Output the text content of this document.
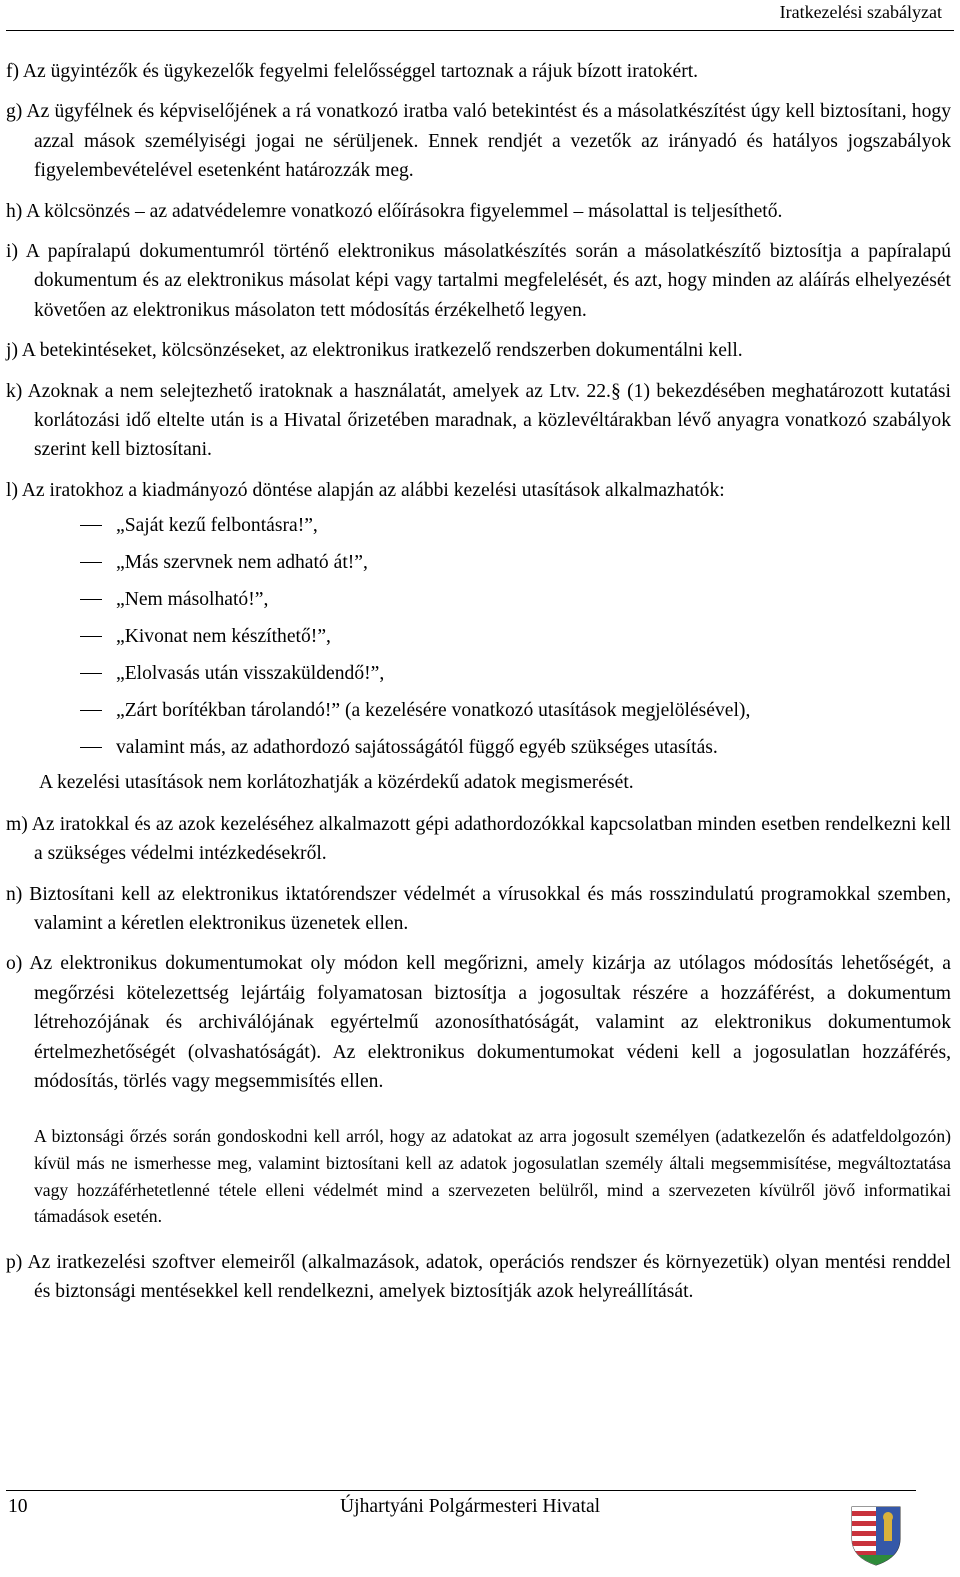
Iratkezelési szabályzat

f) Az ügyintézők és ügykezelők fegyelmi felelősséggel tartoznak a rájuk bízott iratokért.

g) Az ügyfélnek és képviselőjének a rá vonatkozó iratba való betekintést és a másolatkészítést úgy kell biztosítani, hogy azzal mások személyiségi jogai ne sérüljenek. Ennek rendjét a vezetők az irányadó és hatályos jogszabályok figyelembevételével esetenként határozzák meg.

h) A kölcsönzés – az adatvédelemre vonatkozó előírásokra figyelemmel – másolattal is teljesíthető.

i) A papíralapú dokumentumról történő elektronikus másolatkészítés során a másolatkészítő biztosítja a papíralapú dokumentum és az elektronikus másolat képi vagy tartalmi megfelelését, és azt, hogy minden az aláírás elhelyezését követően az elektronikus másolaton tett módosítás érzékelhető legyen.

j) A betekintéseket, kölcsönzéseket, az elektronikus iratkezelő rendszerben dokumentálni kell.

k) Azoknak a nem selejtezhető iratoknak a használatát, amelyek az Ltv. 22.§ (1) bekezdésében meghatározott kutatási korlátozási idő eltelte után is a Hivatal őrizetében maradnak, a közlevéltárakban lévő anyagra vonatkozó szabályok szerint kell biztosítani.

l) Az iratokhoz a kiadmányozó döntése alapján az alábbi kezelési utasítások alkalmazhatók:

„Saját kezű felbontásra!”,
„Más szervnek nem adható át!”,
„Nem másolható!”,
„Kivonat nem készíthető!”,
„Elolvasás után visszaküldendő!”,
„Zárt borítékban tárolandó!” (a kezelésére vonatkozó utasítások megjelölésével),
valamint más, az adathordozó sajátosságától függő egyéb szükséges utasítás.
A kezelési utasítások nem korlátozhatják a közérdekű adatok megismerését.

m) Az iratokkal és az azok kezeléséhez alkalmazott gépi adathordozókkal kapcsolatban minden esetben rendelkezni kell a szükséges védelmi intézkedésekről.

n) Biztosítani kell az elektronikus iktatórendszer védelmét a vírusokkal és más rosszindulatú programokkal szemben, valamint a kéretlen elektronikus üzenetek ellen.

o) Az elektronikus dokumentumokat oly módon kell megőrizni, amely kizárja az utólagos módosítás lehetőségét, a megőrzési kötelezettség lejártáig folyamatosan biztosítja a jogosultak részére a hozzáférést, a dokumentum létrehozójának és archiválójának egyértelmű azonosíthatóságát, valamint az elektronikus dokumentumok értelmezhetőségét (olvashatóságát). Az elektronikus dokumentumokat védeni kell a jogosulatlan hozzáférés, módosítás, törlés vagy megsemmisítés ellen.

A biztonsági őrzés során gondoskodni kell arról, hogy az adatokat az arra jogosult személyen (adatkezelőn és adatfeldolgozón) kívül más ne ismerhesse meg, valamint biztosítani kell az adatok jogosulatlan személy általi megsemmisítése, megváltoztatása vagy hozzáférhetetlenné tétele elleni védelmét mind a szervezeten belülről, mind a szervezeten kívülről jövő informatikai támadások esetén.

p) Az iratkezelési szoftver elemeiről (alkalmazások, adatok, operációs rendszer és környezetük) olyan mentési renddel és biztonsági mentésekkel kell rendelkezni, amelyek biztosítják azok helyreállítását.

10	Újhartyáni Polgármesteri Hivatal
